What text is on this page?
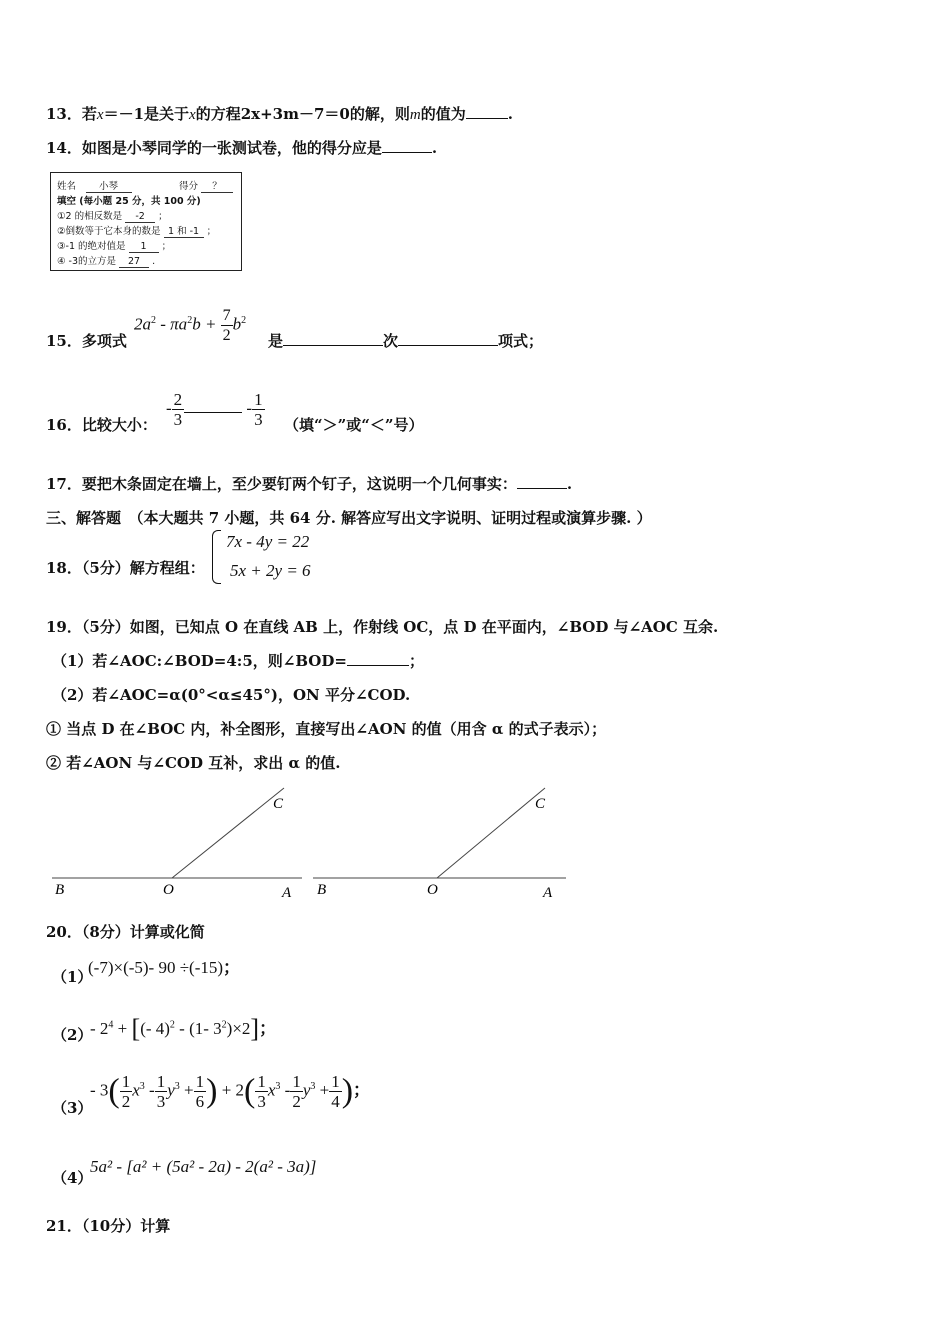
13．若x＝－1是关于x的方程2x+3m－7＝0的解，则m的值为	.
14．如图是小琴同学的一张测试卷，他的得分应是	.
姓名　 小琴	得分 ？
填空 (每小题 25 分，共 100 分)
①2 的相反数是 -2 ；
②倒数等于它本身的数是 1 和 -1 ；
③-1 的绝对值是 1 ；
④ -3的立方是 27 .
15．多项式
$2a^2 - \pi a^2b + \frac{7}{2} b^2$
是	次	项式；
16．比较大小：
- $\frac{2}{3}$	- $\frac{1}{3}$ （填“＞”或“＜”号）
17．要把木条固定在墙上，至少要钉两个钉子，这说明一个几何事实：	.
三、解答题　（本大题共 7 小题，共 64 分. 解答应写出文字说明、证明过程或演算步骤. ）
18．（5分）解方程组：
7x - 4y = 22
5x + 2y = 6
19．（5分）如图，已知点 O 在直线 AB 上，作射线 OC，点 D 在平面内，∠BOD 与∠AOC 互余.
（1）若∠AOC:∠BOD=4:5，则∠BOD=	；
（2）若∠AOC=α(0°<α≤45°)，ON 平分∠COD.
① 当点 D 在∠BOC 内，补全图形，直接写出∠AON 的值（用含 α 的式子表示）；
② 若∠AON 与∠COD 互补，求出 α 的值.
B	O	A
C
B	O	A
C
20．（8分）计算或化简
（1）
(-7)×(-5)- 90 ÷(-15)；
（2）
- $2^4$ + [(- 4)$^2$ - (1- $3^2)\times 2$]；
（3）
- $3( \frac{1}{2} x^3 - \frac{1}{3} y^3 + \frac{1}{6}$ ) + $2( \frac{1}{3} x^3 - \frac{1}{2} y^3 + \frac{1}{4}$ )；
（4）
5a² - [a² + (5a² - 2a) - 2(a² - 3a)]
21．（10分）计算
